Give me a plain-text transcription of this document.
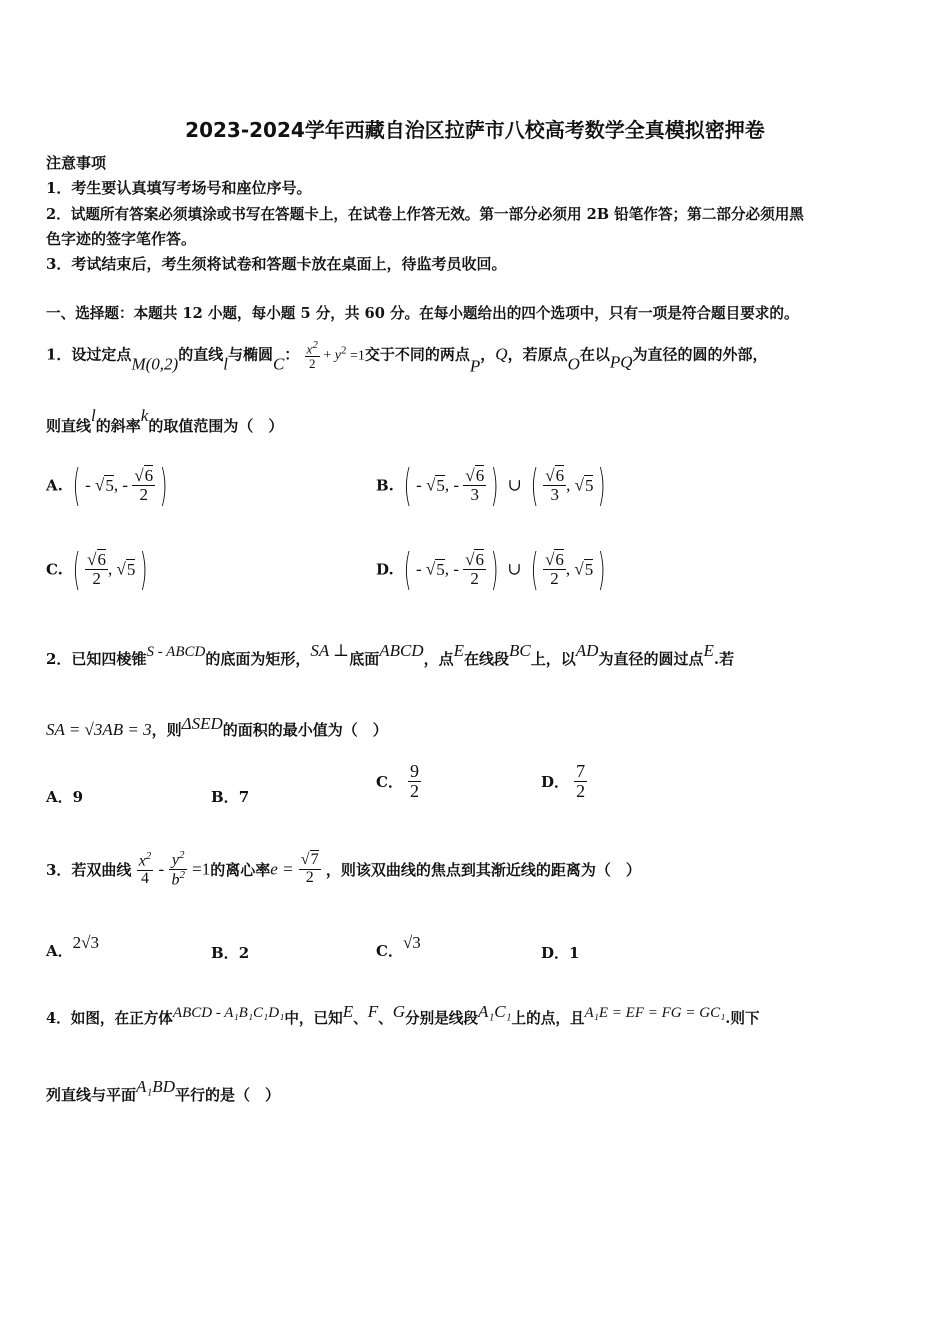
2023-2024学年西藏自治区拉萨市八校高考数学全真模拟密押卷
注意事项
1．考生要认真填写考场号和座位序号。
2．试题所有答案必须填涂或书写在答题卡上，在试卷上作答无效。第一部分必须用 2B 铅笔作答；第二部分必须用黑
色字迹的签字笔作答。
3．考试结束后，考生须将试卷和答题卡放在桌面上，待监考员收回。
一、选择题：本题共 12 小题，每小题 5 分，共 60 分。在每小题给出的四个选项中，只有一项是符合题目要求的。
1．设过定点M(0,2)的直线l与椭圆C： $\frac{x^2}{2} + y^2 =1$交于不同的两点P，Q，若原点O在以PQ为直径的圆的外部，
则直线l的斜率k的取值范围为（　）
A. ( - √5, - $\frac{√6}{2}$ )	B. ( - √5, - $\frac{√6}{3}$ ) ∪ ( $\frac{√6}{3}$ , √5 )
C. ( $\frac{√6}{2}$ , √5 )	D. ( - √5, - $\frac{√6}{2}$ ) ∪ ( $\frac{√6}{2}$ , √5 )
2．已知四棱锥S - ABCD的底面为矩形，SA ⊥底面ABCD，点E在线段BC上，以AD为直径的圆过点E.若
SA = √3AB = 3，则ΔSED的面积的最小值为（　）
A．9	B．7
C． $\frac{9}{2}$	D． $\frac{7}{2}$
3．若双曲线 $\frac{x^2}{4} - \frac{y^2}{b^2} =1$的离心率$e = \frac{√7}{2}$ ，则该双曲线的焦点到其渐近线的距离为（　）
A．2√3
B．2	C．√3
D．1
4．如图，在正方体ABCD - A₁B₁C₁D₁中，已知E、F、G分别是线段A₁C₁上的点，且A₁E = EF = FG = GC₁.则下
列直线与平面A₁BD平行的是（　）
